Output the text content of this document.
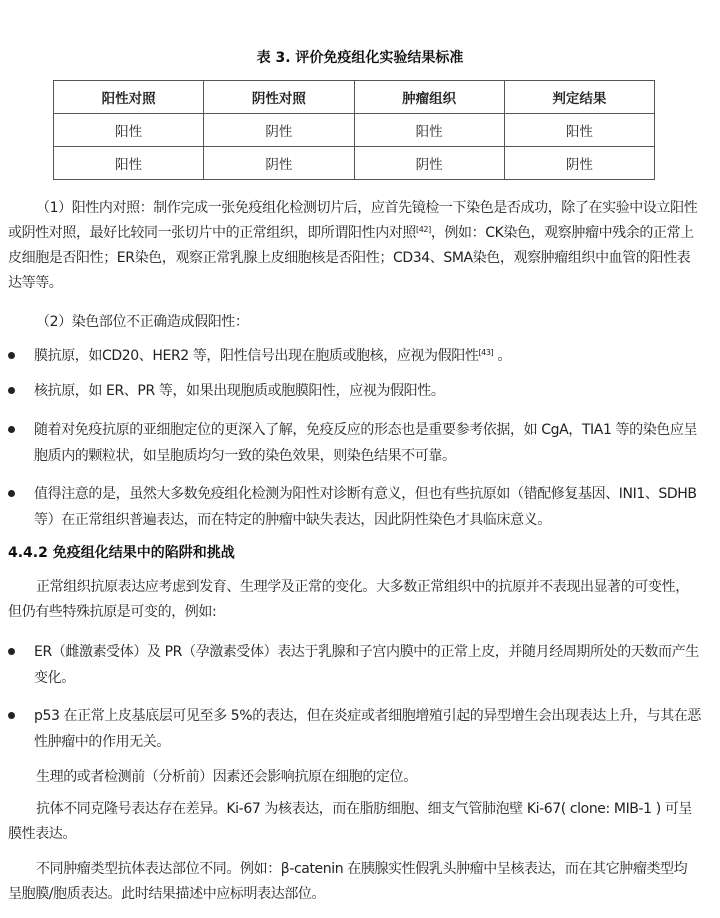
表 3. 评价免疫组化实验结果标准
阳性对照	阴性对照	肿瘤组织	判定结果
阳性	阴性	阳性	阳性
阳性	阴性	阴性	阴性

（1）阳性内对照：制作完成一张免疫组化检测切片后，应首先镜检一下染色是否成功，除了在实验中设立阳性或阴性对照，最好比较同一张切片中的正常组织，即所谓阳性内对照[42]，例如：CK染色，观察肿瘤中残余的正常上皮细胞是否阳性；ER染色，观察正常乳腺上皮细胞核是否阳性；CD34、SMA染色，观察肿瘤组织中血管的阳性表达等等。

（2）染色部位不正确造成假阳性：

膜抗原，如CD20、HER2 等，阳性信号出现在胞质或胞核，应视为假阳性[43] 。

核抗原，如 ER、PR 等，如果出现胞质或胞膜阳性，应视为假阳性。

随着对免疫抗原的亚细胞定位的更深入了解，免疫反应的形态也是重要参考依据，如 CgA，TIA1 等的染色应呈胞质内的颗粒状，如呈胞质均匀一致的染色效果，则染色结果不可靠。

值得注意的是，虽然大多数免疫组化检测为阳性对诊断有意义，但也有些抗原如（错配修复基因、INI1、SDHB 等）在正常组织普遍表达，而在特定的肿瘤中缺失表达，因此阴性染色才具临床意义。

4.4.2 免疫组化结果中的陷阱和挑战

正常组织抗原表达应考虑到发育、生理学及正常的变化。大多数正常组织中的抗原并不表现出显著的可变性，但仍有些特殊抗原是可变的，例如:

ER（雌激素受体）及 PR（孕激素受体）表达于乳腺和子宫内膜中的正常上皮，并随月经周期所处的天数而产生变化。

p53 在正常上皮基底层可见至多 5%的表达，但在炎症或者细胞增殖引起的异型增生会出现表达上升，与其在恶性肿瘤中的作用无关。

生理的或者检测前（分析前）因素还会影响抗原在细胞的定位。

抗体不同克隆号表达存在差异。Ki-67 为核表达，而在脂肪细胞、细支气管肺泡壁 Ki-67( clone: MIB-1 ) 可呈膜性表达。

不同肿瘤类型抗体表达部位不同。例如：β-catenin 在胰腺实性假乳头肿瘤中呈核表达，而在其它肿瘤类型均呈胞膜/胞质表达。此时结果描述中应标明表达部位。
